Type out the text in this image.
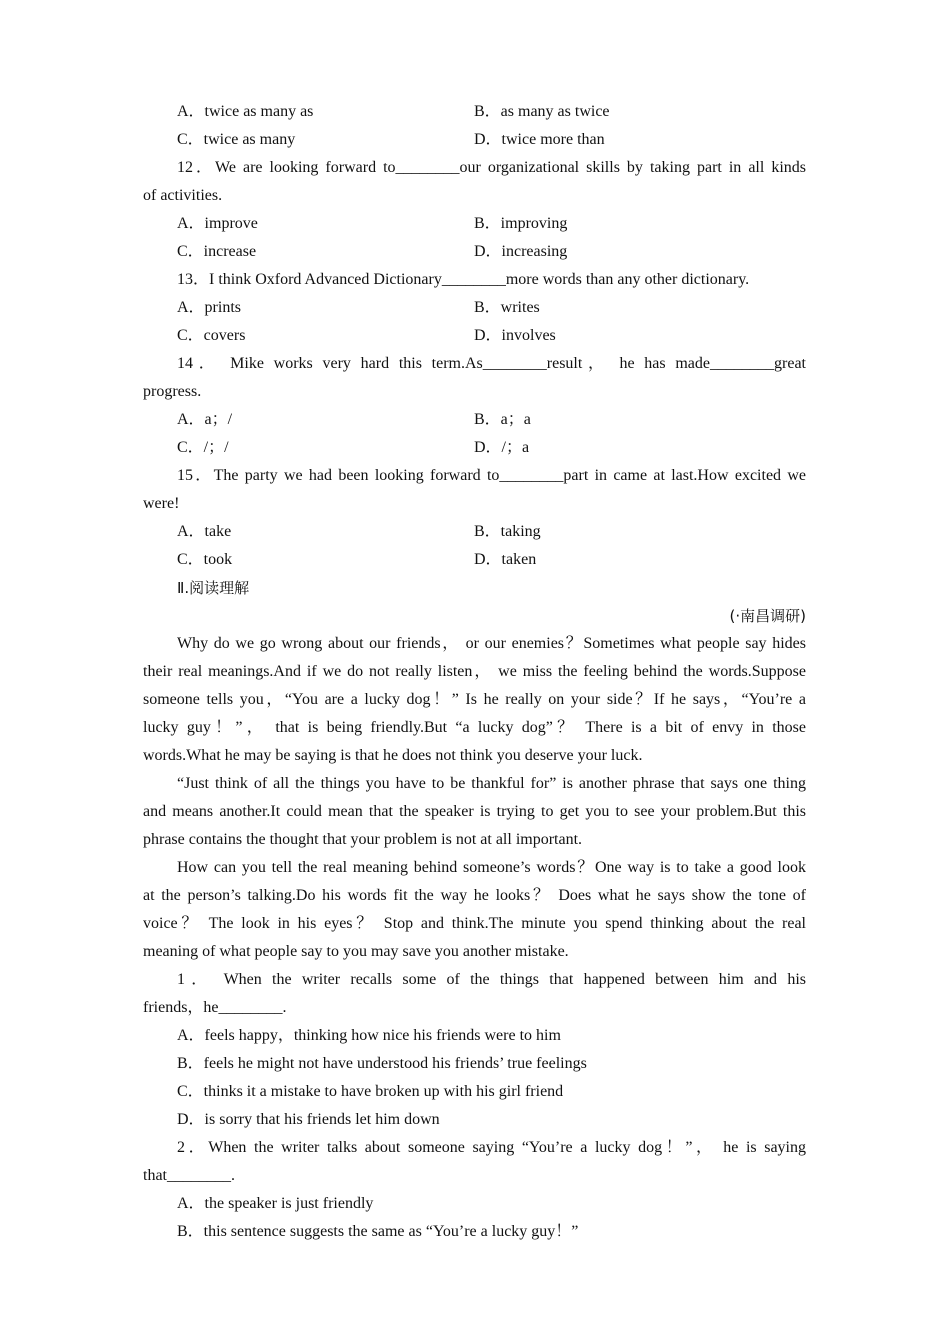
A．twice as many as	B．as many as twice
C．twice as many	D．twice more than
12．We are looking forward to________our organizational skills by taking part in all kinds
of activities.
A．improve	B．improving
C．increase	D．increasing
13．I think Oxford Advanced Dictionary________more words than any other dictionary.
A．prints	B．writes
C．covers	D．involves
14． Mike works very hard this term.As________result， he has made________great
progress.
A．a；/	B．a；a
C．/；/	D．/；a
15．The party we had been looking forward to________part in came at last.How excited we
were!
A．take	B．taking
C．took	D．taken
Ⅱ.阅读理解
(·南昌调研)
Why do we go wrong about our friends， or our enemies？Sometimes what people say hides
their real meanings.And if we do not really listen， we miss the feeling behind the words.Suppose
someone tells you，“You are a lucky dog！” Is he really on your side？If he says，“You’re a
lucky guy！”， that is being friendly.But “a lucky dog”？ There is a bit of envy in those
words.What he may be saying is that he does not think you deserve your luck.
“Just think of all the things you have to be thankful for” is another phrase that says one thing
and means another.It could mean that the speaker is trying to get you to see your problem.But this
phrase contains the thought that your problem is not at all important.
How can you tell the real meaning behind someone’s words？One way is to take a good look
at the person’s talking.Do his words fit the way he looks？ Does what he says show the tone of
voice？ The look in his eyes？ Stop and think.The minute you spend thinking about the real
meaning of what people say to you may save you another mistake.
1． When the writer recalls some of the things that happened between him and his
friends，he________.
A．feels happy，thinking how nice his friends were to him
B．feels he might not have understood his friends’ true feelings
C．thinks it a mistake to have broken up with his girl friend
D．is sorry that his friends let him down
2．When the writer talks about someone saying “You’re a lucky dog！”， he is saying
that________.
A．the speaker is just friendly
B．this sentence suggests the same as “You’re a lucky guy！”
